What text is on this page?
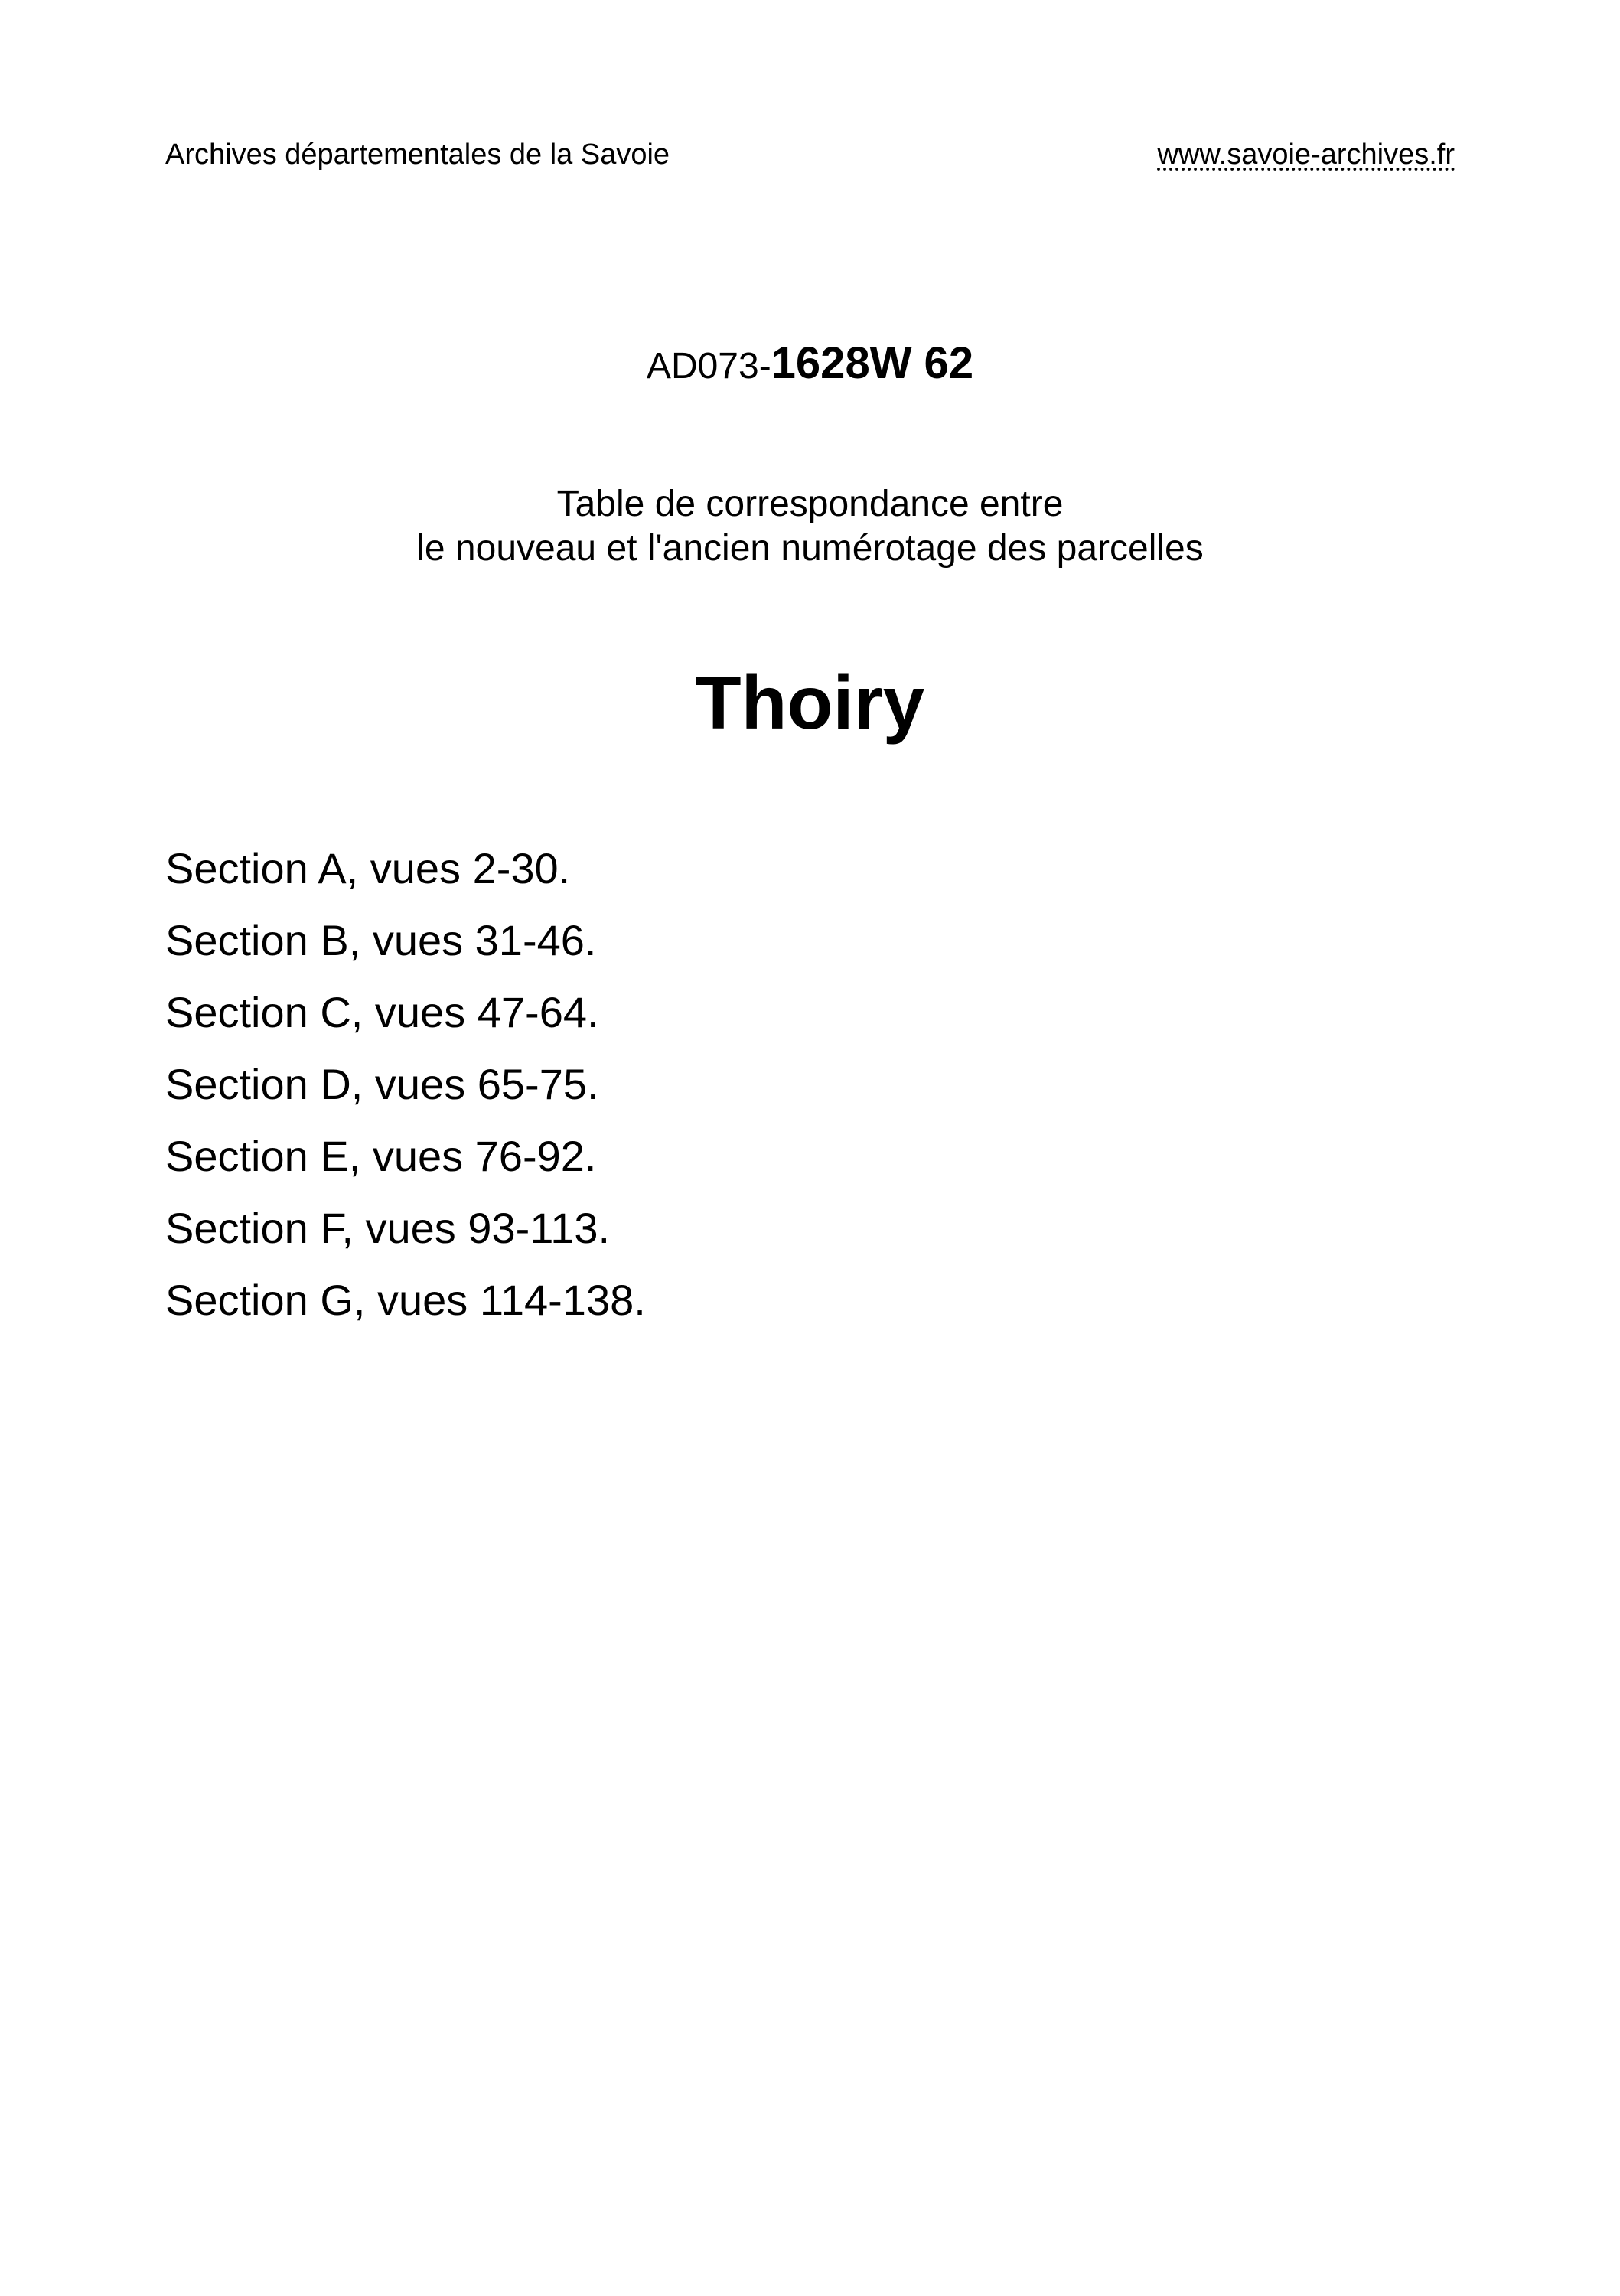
Archives départementales de la Savoie	www.savoie-archives.fr
AD073-1628W 62
Table de correspondance entre
le nouveau et l'ancien numérotage des parcelles
Thoiry
Section A, vues 2-30.
Section B, vues 31-46.
Section C, vues 47-64.
Section D, vues 65-75.
Section E, vues 76-92.
Section F, vues 93-113.
Section G, vues 114-138.
